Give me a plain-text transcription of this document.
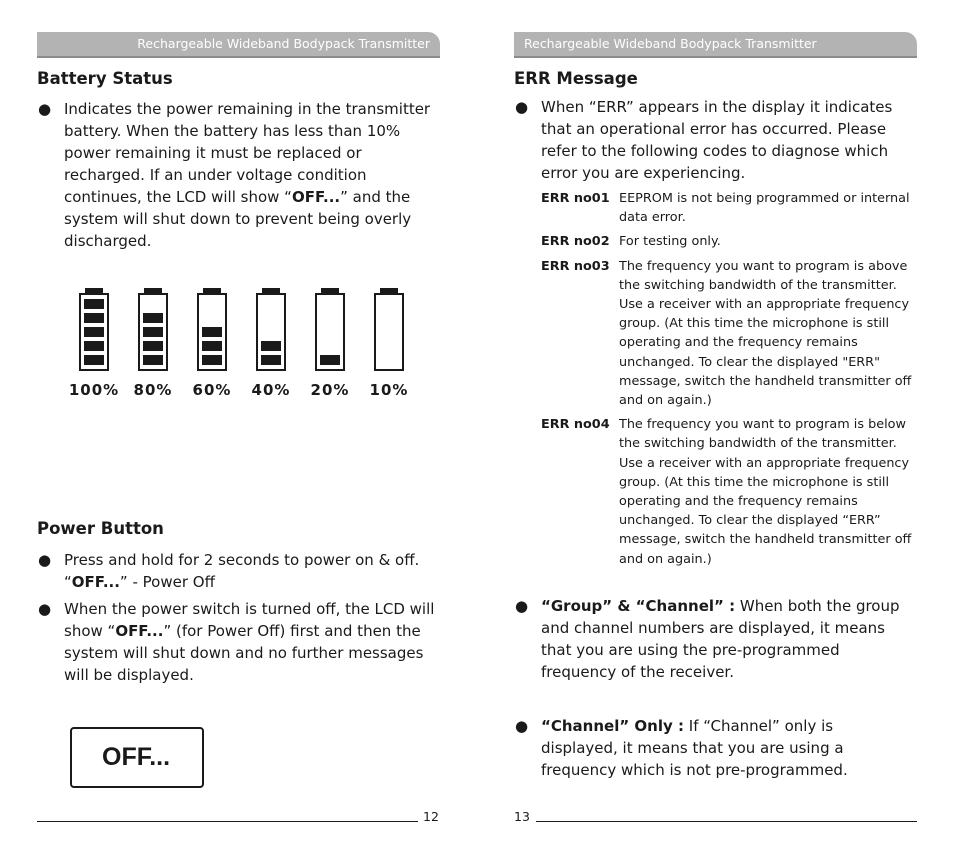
Rechargeable Wideband Bodypack Transmitter	Rechargeable Wideband Bodypack Transmitter
Battery Status

● Indicates the power remaining in the transmitter battery. When the battery has less than 10% power remaining it must be replaced or recharged. If an under voltage condition continues, the LCD will show “OFF...” and the system will shut down to prevent being overly discharged.

100% 80% 60% 40% 20% 10%
Power Button

● Press and hold for 2 seconds to power on & off.
“OFF...” - Power Off

● When the power switch is turned off, the LCD will show “OFF...” (for Power Off) first and then the system will shut down and no further messages will be displayed.

OFF...
12
ERR Message

● When “ERR” appears in the display it indicates that an operational error has occurred. Please refer to the following codes to diagnose which error you are experiencing.

ERR no01	EEPROM is not being programmed or internal data error.
ERR no02	For testing only.
ERR no03	The frequency you want to program is above the switching bandwidth of the transmitter. Use a receiver with an appropriate frequency group. (At this time the microphone is still operating and the frequency remains unchanged. To clear the displayed "ERR" message, switch the handheld transmitter off and on again.)
ERR no04	The frequency you want to program is below the switching bandwidth of the transmitter. Use a receiver with an appropriate frequency group. (At this time the microphone is still operating and the frequency remains unchanged. To clear the displayed “ERR” message, switch the handheld transmitter off and on again.)

● “Group” & “Channel” : When both the group and channel numbers are displayed, it means that you are using the pre-programmed frequency of the receiver.

● “Channel” Only : If “Channel” only is displayed, it means that you are using a frequency which is not pre-programmed.

13
